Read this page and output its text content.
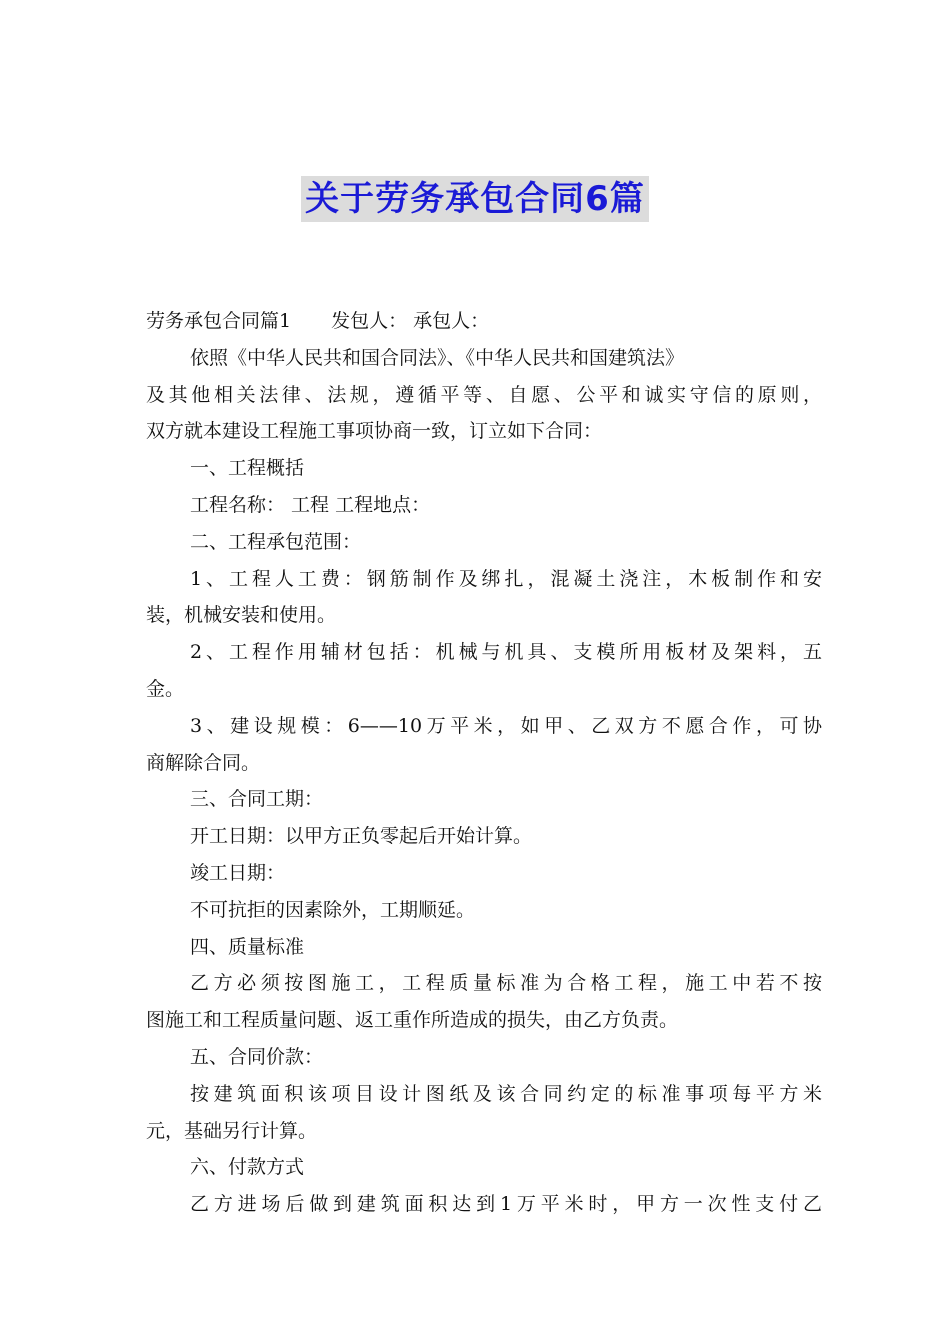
关于劳务承包合同6篇

劳务承包合同篇1 发包人： 承包人：

依照《中华人民共和国合同法》、《中华人民共和国建筑法》

及其他相关法律、法规，遵循平等、自愿、公平和诚实守信的原则，

双方就本建设工程施工事项协商一致，订立如下合同：

一、工程概括

工程名称： 工程 工程地点：

二、工程承包范围：

1、工程人工费：钢筋制作及绑扎，混凝土浇注，木板制作和安

装，机械安装和使用。

2、工程作用辅材包括：机械与机具、支模所用板材及架料，五

金。

3、建设规模：6——10万平米，如甲、乙双方不愿合作，可协

商解除合同。

三、合同工期：

开工日期：以甲方正负零起后开始计算。

竣工日期：

不可抗拒的因素除外，工期顺延。

四、质量标准

乙方必须按图施工，工程质量标准为合格工程，施工中若不按

图施工和工程质量问题、返工重作所造成的损失，由乙方负责。

五、合同价款：

按建筑面积该项目设计图纸及该合同约定的标准事项每平方米

元，基础另行计算。

六、付款方式

乙方进场后做到建筑面积达到1万平米时，甲方一次性支付乙
